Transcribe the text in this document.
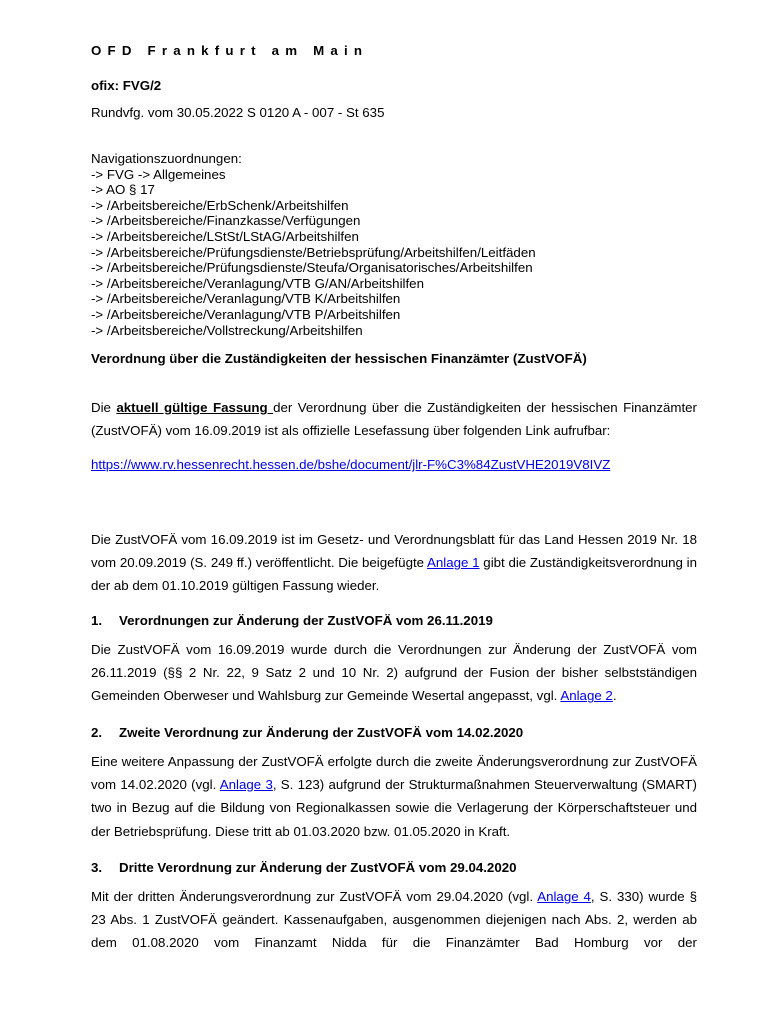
OFD Frankfurt am Main
ofix: FVG/2
Rundvfg. vom 30.05.2022 S 0120 A - 007 - St 635
Navigationszuordnungen:
-> FVG -> Allgemeines
-> AO § 17
-> /Arbeitsbereiche/ErbSchenk/Arbeitshilfen
-> /Arbeitsbereiche/Finanzkasse/Verfügungen
-> /Arbeitsbereiche/LStSt/LStAG/Arbeitshilfen
-> /Arbeitsbereiche/Prüfungsdienste/Betriebsprüfung/Arbeitshilfen/Leitfäden
-> /Arbeitsbereiche/Prüfungsdienste/Steufa/Organisatorisches/Arbeitshilfen
-> /Arbeitsbereiche/Veranlagung/VTB G/AN/Arbeitshilfen
-> /Arbeitsbereiche/Veranlagung/VTB K/Arbeitshilfen
-> /Arbeitsbereiche/Veranlagung/VTB P/Arbeitshilfen
-> /Arbeitsbereiche/Vollstreckung/Arbeitshilfen
Verordnung über die Zuständigkeiten der hessischen Finanzämter (ZustVOFÄ)

Die aktuell gültige Fassung der Verordnung über die Zuständigkeiten der hessischen Finanzämter (ZustVOFÄ) vom 16.09.2019 ist als offizielle Lesefassung über folgenden Link aufrufbar:

https://www.rv.hessenrecht.hessen.de/bshe/document/jlr-F%C3%84ZustVHE2019V8IVZ

Die ZustVOFÄ vom 16.09.2019 ist im Gesetz- und Verordnungsblatt für das Land Hessen 2019 Nr. 18 vom 20.09.2019 (S. 249 ff.) veröffentlicht. Die beigefügte Anlage 1 gibt die Zuständigkeitsverordnung in der ab dem 01.10.2019 gültigen Fassung wieder.

1. Verordnungen zur Änderung der ZustVOFÄ vom 26.11.2019

Die ZustVOFÄ vom 16.09.2019 wurde durch die Verordnungen zur Änderung der ZustVOFÄ vom 26.11.2019 (§§ 2 Nr. 22, 9 Satz 2 und 10 Nr. 2) aufgrund der Fusion der bisher selbstständigen Gemeinden Oberweser und Wahlsburg zur Gemeinde Wesertal angepasst, vgl. Anlage 2.

2. Zweite Verordnung zur Änderung der ZustVOFÄ vom 14.02.2020

Eine weitere Anpassung der ZustVOFÄ erfolgte durch die zweite Änderungsverordnung zur ZustVOFÄ vom 14.02.2020 (vgl. Anlage 3, S. 123) aufgrund der Strukturmaßnahmen Steuerverwaltung (SMART) two in Bezug auf die Bildung von Regionalkassen sowie die Verlagerung der Körperschaftsteuer und der Betriebsprüfung. Diese tritt ab 01.03.2020 bzw. 01.05.2020 in Kraft.

3. Dritte Verordnung zur Änderung der ZustVOFÄ vom 29.04.2020

Mit der dritten Änderungsverordnung zur ZustVOFÄ vom 29.04.2020 (vgl. Anlage 4, S. 330) wurde § 23 Abs. 1 ZustVOFÄ geändert. Kassenaufgaben, ausgenommen diejenigen nach Abs. 2, werden ab dem 01.08.2020 vom Finanzamt Nidda für die Finanzämter Bad Homburg vor der
